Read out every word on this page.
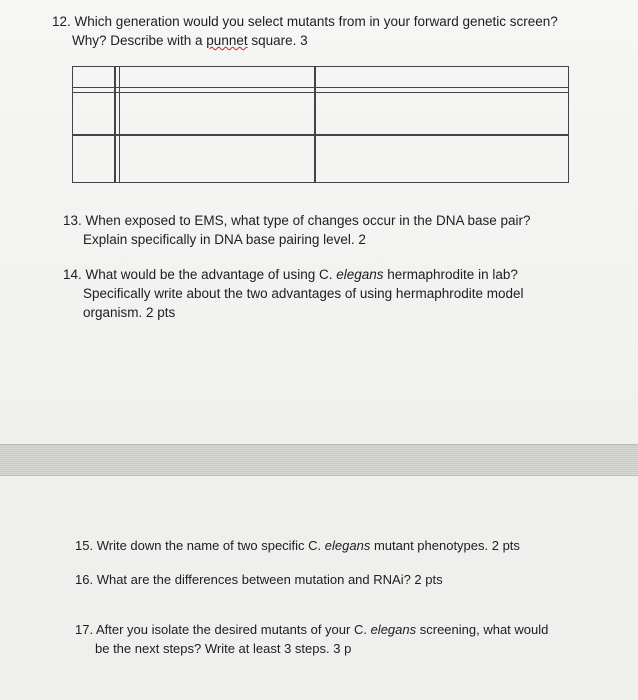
12. Which generation would you select mutants from in your forward genetic screen?
Why? Describe with a punnet square. 3
13. When exposed to EMS, what type of changes occur in the DNA base pair?
Explain specifically in DNA base pairing level. 2
14. What would be the advantage of using C. elegans hermaphrodite in lab?
Specifically write about the two advantages of using hermaphrodite model
organism. 2 pts
15. Write down the name of two specific C. elegans mutant phenotypes. 2 pts
16. What are the differences between mutation and RNAi? 2 pts
17. After you isolate the desired mutants of your C. elegans screening, what would
be the next steps? Write at least 3 steps. 3 p
